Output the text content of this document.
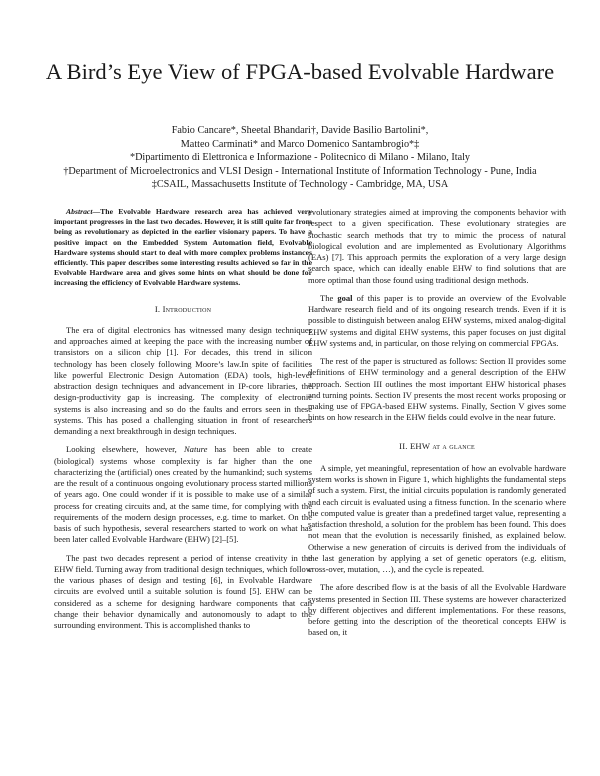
A Bird’s Eye View of FPGA-based Evolvable Hardware
Fabio Cancare*, Sheetal Bhandari†, Davide Basilio Bartolini*,
Matteo Carminati* and Marco Domenico Santambrogio*‡
*Dipartimento di Elettronica e Informazione - Politecnico di Milano - Milano, Italy
†Department of Microelectronics and VLSI Design - International Institute of Information Technology - Pune, India
‡CSAIL, Massachusetts Institute of Technology - Cambridge, MA, USA

Abstract—The Evolvable Hardware research area has achieved very important progresses in the last two decades. However, it is still quite far from being as revolutionary as depicted in the earlier visionary papers. To have a positive impact on the Embedded System Automation field, Evolvable Hardware systems should start to deal with more complex problems instances efficiently. This paper describes some interesting results achieved so far in the Evolvable Hardware area and gives some hints on what should be done for increasing the efficiency of Evolvable Hardware systems.

I. Introduction

The era of digital electronics has witnessed many design techniques and approaches aimed at keeping the pace with the increasing number of transistors on a silicon chip [1]. For decades, this trend in silicon technology has been closely following Moore’s law.In spite of facilities like powerful Electronic Design Automation (EDA) tools, high-level abstraction design techniques and advancement in IP-core libraries, the design-productivity gap is increasing. The complexity of electronic systems is also increasing and so do the faults and errors seen in these systems. This has posed a challenging situation in front of researchers demanding a next breakthrough in design techniques.

Looking elsewhere, however, Nature has been able to create (biological) systems whose complexity is far higher than the one characterizing the (artificial) ones created by the humankind; such systems are the result of a continuous ongoing evolutionary process started millions of years ago. One could wonder if it is possible to make use of a similar process for creating circuits and, at the same time, for complying with the requirements of the modern design processes, e.g. time to market. On the basis of such hypothesis, several researchers started to work on what has been later called Evolvable Hardware (EHW) [2]–[5].

The past two decades represent a period of intense creativity in the EHW field. Turning away from traditional design techniques, which follow the various phases of design and testing [6], in Evolvable Hardware circuits are evolved until a suitable solution is found [5]. EHW can be considered as a scheme for designing hardware components that can change their behavior dynamically and autonomously to adapt to the surrounding environment. This is accomplished thanks to

evolutionary strategies aimed at improving the components behavior with respect to a given specification. These evolutionary strategies are stochastic search methods that try to mimic the process of natural biological evolution and are implemented as Evolutionary Algorithms (EAs) [7]. This approach permits the exploration of a very large design search space, which can ideally enable EHW to find solutions that are more optimal than those found using traditional design methods.

The goal of this paper is to provide an overview of the Evolvable Hardware research field and of its ongoing research trends. Even if it is possible to distinguish between analog EHW systems, mixed analog-digital EHW systems and digital EHW systems, this paper focuses on just digital EHW systems and, in particular, on those relying on commercial FPGAs.

The rest of the paper is structured as follows: Section II provides some definitions of EHW terminology and a general description of the EHW approach. Section III outlines the most important EHW historical phases and turning points. Section IV presents the most recent works proposing or making use of FPGA-based EHW systems. Finally, Section V gives some hints on how research in the EHW fields could evolve in the near future.

II. EHW at a glance

A simple, yet meaningful, representation of how an evolvable hardware system works is shown in Figure 1, which highlights the fundamental steps of such a system. First, the initial circuits population is randomly generated and each circuit is evaluated using a fitness function. In the scenario where the computed value is greater than a predefined target value, representing a satisfaction threshold, a solution for the problem has been found. This does not mean that the evolution is necessarily finished, as explained below. Otherwise a new generation of circuits is derived from the individuals of the last generation by applying a set of genetic operators (e.g. elitism, cross-over, mutation, …), and the cycle is repeated.

The afore described flow is at the basis of all the Evolvable Hardware systems presented in Section III. These systems are however characterized by different objectives and different implementations. For these reasons, before getting into the description of the theoretical concepts EHW is based on, it
